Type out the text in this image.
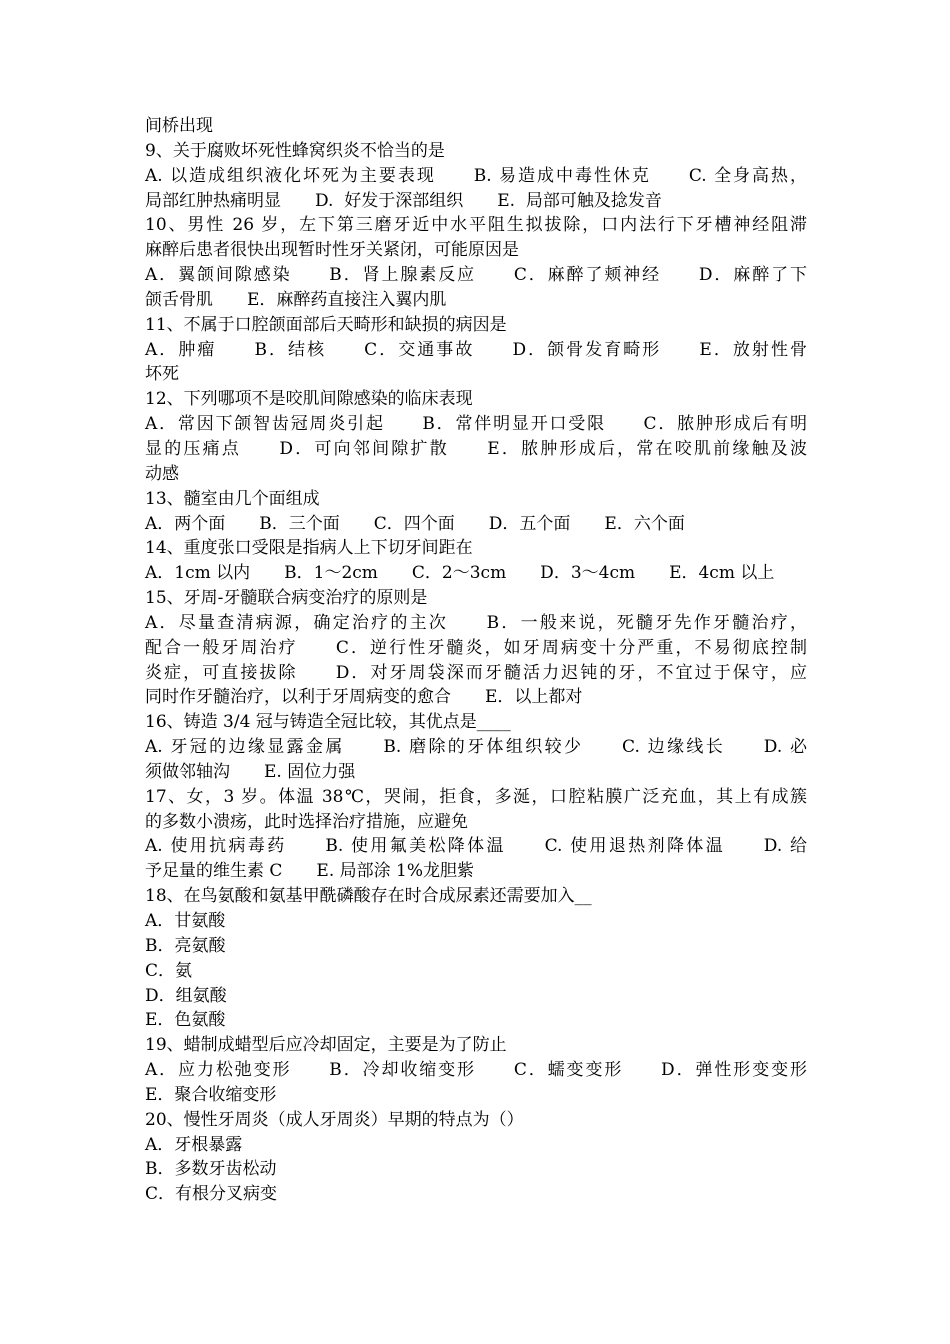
间桥出现
9、关于腐败坏死性蜂窝织炎不恰当的是
A. 以造成组织液化坏死为主要表现　　B. 易造成中毒性休克　　C. 全身高热，
局部红肿热痛明显　　D.  好发于深部组织　　E.  局部可触及捻发音
10、男性 26 岁，左下第三磨牙近中水平阻生拟拔除，口内法行下牙槽神经阻滞
麻醉后患者很快出现暂时性牙关紧闭，可能原因是
A．翼颌间隙感染　　B．肾上腺素反应　　C．麻醉了颊神经　　D．麻醉了下
颌舌骨肌　　E．麻醉药直接注入翼内肌
11、不属于口腔颌面部后天畸形和缺损的病因是
A．肿瘤　　B．结核　　C．交通事故　　D．颌骨发育畸形　　E．放射性骨
坏死
12、下列哪项不是咬肌间隙感染的临床表现
A．常因下颌智齿冠周炎引起　　B．常伴明显开口受限　　C．脓肿形成后有明
显的压痛点　　D．可向邻间隙扩散　　E．脓肿形成后，常在咬肌前缘触及波
动感
13、髓室由几个面组成
A．两个面　　B．三个面　　C．四个面　　D．五个面　　E．六个面
14、重度张口受限是指病人上下切牙间距在
A．1cm 以内　　B．1～2cm　　C．2～3cm　　D．3～4cm　　E．4cm 以上
15、牙周-牙髓联合病变治疗的原则是
A．尽量查清病源，确定治疗的主次　　B．一般来说，死髓牙先作牙髓治疗，
配合一般牙周治疗　　C．逆行性牙髓炎，如牙周病变十分严重，不易彻底控制
炎症，可直接拔除　　D．对牙周袋深而牙髓活力迟钝的牙，不宜过于保守，应
同时作牙髓治疗，以利于牙周病变的愈合　　E．以上都对
16、铸造 3/4 冠与铸造全冠比较，其优点是____
A. 牙冠的边缘显露金属　　B. 磨除的牙体组织较少　　C. 边缘线长　　D. 必
须做邻轴沟　　E. 固位力强
17、女，3 岁。体温 38℃，哭闹，拒食，多涎，口腔粘膜广泛充血，其上有成簇
的多数小溃疡，此时选择治疗措施，应避免
A. 使用抗病毒药　　B. 使用氟美松降体温　　C. 使用退热剂降体温　　D. 给
予足量的维生素 C　　E. 局部涂 1%龙胆紫
18、在鸟氨酸和氨基甲酰磷酸存在时合成尿素还需要加入__
A．甘氨酸
B．亮氨酸
C．氨
D．组氨酸
E．色氨酸
19、蜡制成蜡型后应冷却固定，主要是为了防止
A．应力松弛变形　　B．冷却收缩变形　　C．蠕变变形　　D．弹性形变变形
E．聚合收缩变形
20、慢性牙周炎（成人牙周炎）早期的特点为（）
A．牙根暴露
B．多数牙齿松动
C．有根分叉病变
